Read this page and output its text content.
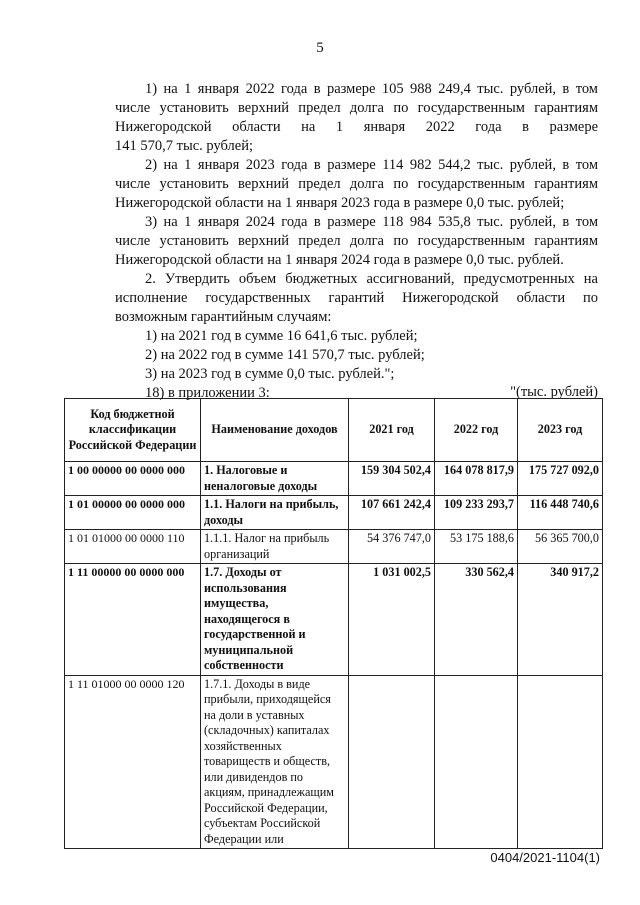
5

1) на 1 января 2022 года в размере 105 988 249,4 тыс. рублей, в том

числе установить верхний предел долга по государственным гарантиям

Нижегородской области на 1 января 2022 года в размере

141 570,7 тыс. рублей;

2) на 1 января 2023 года в размере 114 982 544,2 тыс. рублей, в том

числе установить верхний предел долга по государственным гарантиям

Нижегородской области на 1 января 2023 года в размере 0,0 тыс. рублей;

3) на 1 января 2024 года в размере 118 984 535,8 тыс. рублей, в том

числе установить верхний предел долга по государственным гарантиям

Нижегородской области на 1 января 2024 года в размере 0,0 тыс. рублей.

2. Утвердить объем бюджетных ассигнований, предусмотренных на

исполнение государственных гарантий Нижегородской области по

возможным гарантийным случаям:

1) на 2021 год в сумме 16 641,6 тыс. рублей;

2) на 2022 год в сумме 141 570,7 тыс. рублей;

3) на 2023 год в сумме 0,0 тыс. рублей.";

18) в приложении 3:	"(тыс. рублей)
Код бюджетной классификации Российской Федерации	Наименование доходов	2021 год	2022 год	2023 год
1 00 00000 00 0000 000	1. Налоговые и неналоговые доходы	159 304 502,4	164 078 817,9	175 727 092,0
1 01 00000 00 0000 000	1.1. Налоги на прибыль, доходы	107 661 242,4	109 233 293,7	116 448 740,6
1 01 01000 00 0000 110	1.1.1. Налог на прибыль организаций	54 376 747,0	53 175 188,6	56 365 700,0
1 11 00000 00 0000 000	1.7. Доходы от использования имущества, находящегося в государственной и муниципальной собственности	1 031 002,5	330 562,4	340 917,2
1 11 01000 00 0000 120	1.7.1. Доходы в виде прибыли, приходящейся на доли в уставных (складочных) капиталах хозяйственных товариществ и обществ, или дивидендов по акциям, принадлежащим Российской Федерации, субъектам Российской Федерации или			
0404/2021-1104(1)
